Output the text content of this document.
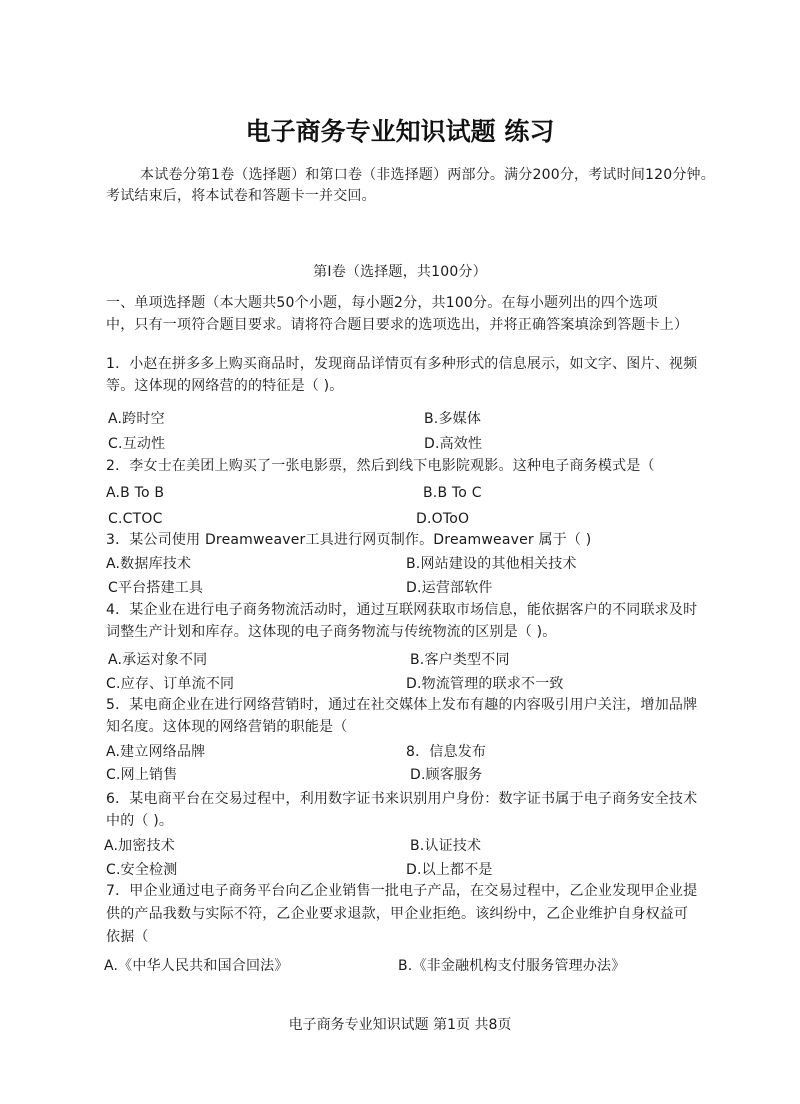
电子商务专业知识试题 练习
本试卷分第1卷（选择题）和第口卷（非选择题）两部分。满分200分，考试时间120分钟。
考试结束后，将本试卷和答题卡一并交回。
第I卷（选择题，共100分）
一、单项选择题（本大题共50个小题，每小题2分，共100分。在每小题列出的四个选项
中，只有一项符合题目要求。请将符合题目要求的选项选出，并将正确答案填涂到答题卡上）
1．小赵在拼多多上购买商品时，发现商品详情页有多种形式的信息展示，如文字、图片、视频
等。这体现的网络营的的特征是（ )。
A.跨时空	B.多媒体
C.互动性	D.高效性
2．李女士在美团上购买了一张电影票，然后到线下电影院观影。这种电子商务模式是（
A.B To B	B.B To C
C.CTOC	D.OToO
3．某公司使用 Dreamweaver工具进行网页制作。Dreamweaver 属于（ )
A.数据库技术	B.网站建设的其他相关技术
C平台搭建工具	D.运营部软件
4．某企业在进行电子商务物流活动时，通过互联网获取市场信息，能依据客户的不同联求及时
词整生产计划和库存。这体现的电子商务物流与传统物流的区别是（ )。
A.承运对象不同	B.客户类型不同
C.应存、订单流不同	D.物流管理的联求不一致
5．某电商企业在进行网络营销时，通过在社交媒体上发布有趣的内容吸引用户关注，增加品牌
知名度。这体现的网络营销的职能是（
A.建立网络品牌	8．信息发布
C.网上销售	D.顾客服务
6．某电商平台在交易过程中，利用数字证书来识别用户身份：数字证书属于电子商务安全技术
中的（ )。
A.加密技术	B.认证技术
C.安全检测	D.以上都不是
7．甲企业通过电子商务平台向乙企业销售一批电子产品，在交易过程中，乙企业发现甲企业提
供的产品我数与实际不符，乙企业要求退款，甲企业拒绝。该纠纷中，乙企业维护自身权益可
依据（
A.《中华人民共和国合回法》	B.《非金融机构支付服务管理办法》
电子商务专业知识试题 第1页 共8页
